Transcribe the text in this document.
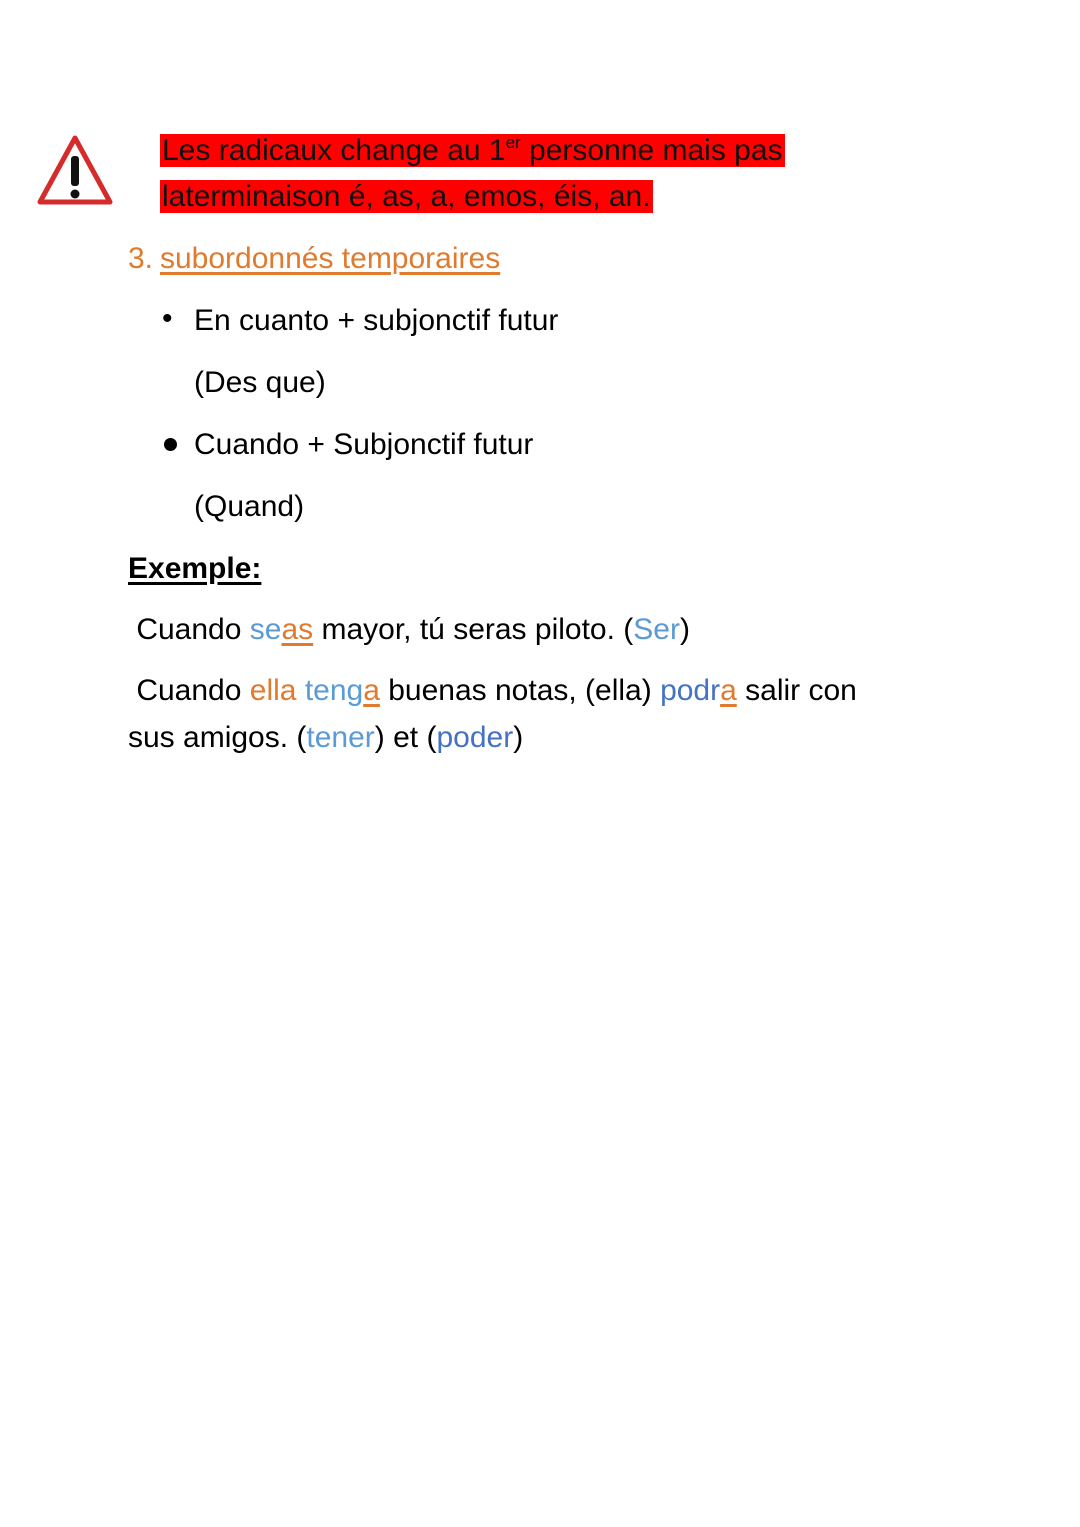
Les radicaux change au 1er personne mais pas
laterminaison é, as, a, emos, éis, an.
3. subordonnés temporaires
• En cuanto + subjonctif futur
(Des que)
Cuando + Subjonctif futur
(Quand)
Exemple:
Cuando seas mayor, tú seras piloto. (Ser)
Cuando ella tenga buenas notas, (ella) podra salir con
sus amigos. (tener) et (poder)
